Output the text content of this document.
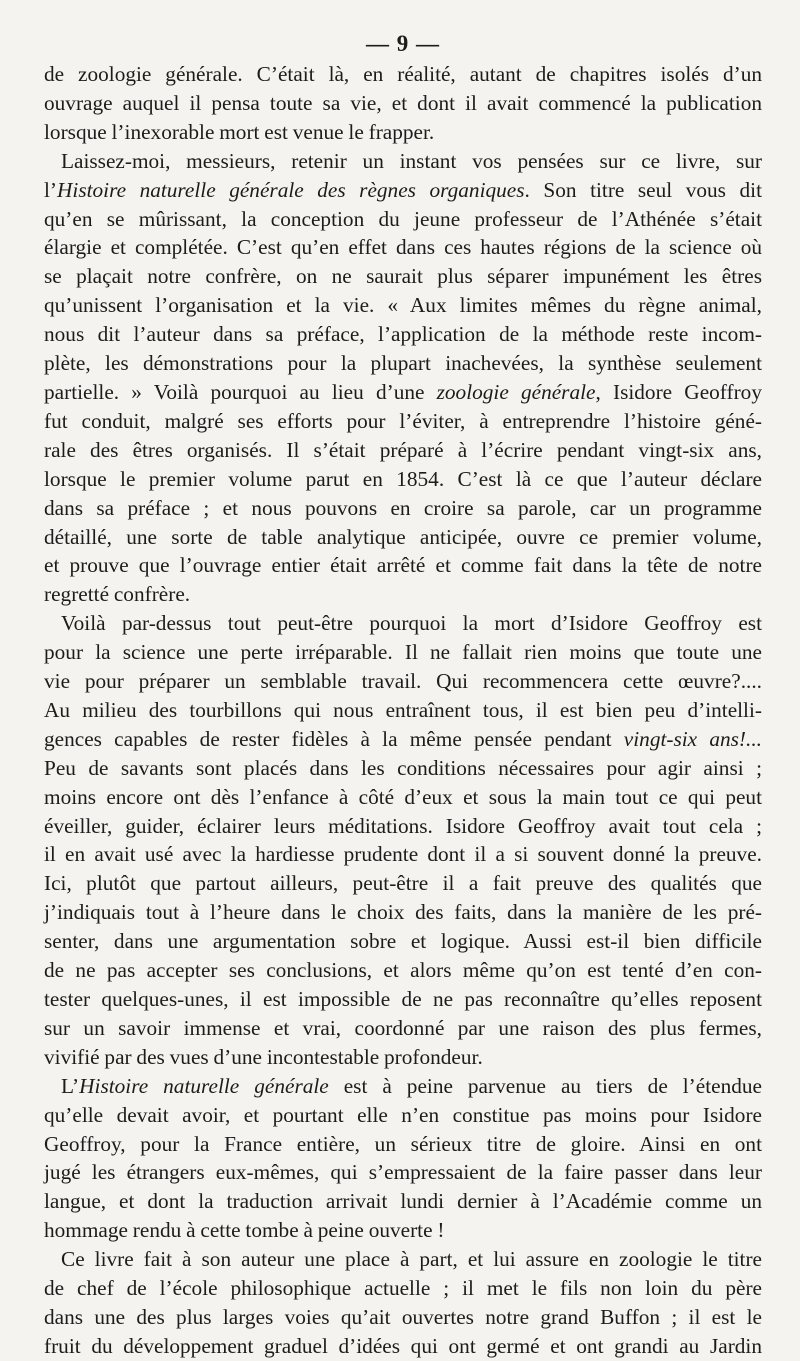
— 9 —
de zoologie générale. C’était là, en réalité, autant de chapitres isolés d’un
ouvrage auquel il pensa toute sa vie, et dont il avait commencé la publication
lorsque l’inexorable mort est venue le frapper.
Laissez-moi, messieurs, retenir un instant vos pensées sur ce livre, sur
l’Histoire naturelle générale des règnes organiques. Son titre seul vous dit
qu’en se mûrissant, la conception du jeune professeur de l’Athénée s’était
élargie et complétée. C’est qu’en effet dans ces hautes régions de la science où
se plaçait notre confrère, on ne saurait plus séparer impunément les êtres
qu’unissent l’organisation et la vie. « Aux limites mêmes du règne animal,
nous dit l’auteur dans sa préface, l’application de la méthode reste incom-
plète, les démonstrations pour la plupart inachevées, la synthèse seulement
partielle. » Voilà pourquoi au lieu d’une zoologie générale, Isidore Geoffroy
fut conduit, malgré ses efforts pour l’éviter, à entreprendre l’histoire géné-
rale des êtres organisés. Il s’était préparé à l’écrire pendant vingt-six ans,
lorsque le premier volume parut en 1854. C’est là ce que l’auteur déclare
dans sa préface ; et nous pouvons en croire sa parole, car un programme
détaillé, une sorte de table analytique anticipée, ouvre ce premier volume,
et prouve que l’ouvrage entier était arrêté et comme fait dans la tête de notre
regretté confrère.
Voilà par-dessus tout peut-être pourquoi la mort d’Isidore Geoffroy est
pour la science une perte irréparable. Il ne fallait rien moins que toute une
vie pour préparer un semblable travail. Qui recommencera cette œuvre?....
Au milieu des tourbillons qui nous entraînent tous, il est bien peu d’intelli-
gences capables de rester fidèles à la même pensée pendant vingt-six ans!...
Peu de savants sont placés dans les conditions nécessaires pour agir ainsi ;
moins encore ont dès l’enfance à côté d’eux et sous la main tout ce qui peut
éveiller, guider, éclairer leurs méditations. Isidore Geoffroy avait tout cela ;
il en avait usé avec la hardiesse prudente dont il a si souvent donné la preuve.
Ici, plutôt que partout ailleurs, peut-être il a fait preuve des qualités que
j’indiquais tout à l’heure dans le choix des faits, dans la manière de les pré-
senter, dans une argumentation sobre et logique. Aussi est-il bien difficile
de ne pas accepter ses conclusions, et alors même qu’on est tenté d’en con-
tester quelques-unes, il est impossible de ne pas reconnaître qu’elles reposent
sur un savoir immense et vrai, coordonné par une raison des plus fermes,
vivifié par des vues d’une incontestable profondeur.
L’Histoire naturelle générale est à peine parvenue au tiers de l’étendue
qu’elle devait avoir, et pourtant elle n’en constitue pas moins pour Isidore
Geoffroy, pour la France entière, un sérieux titre de gloire. Ainsi en ont
jugé les étrangers eux-mêmes, qui s’empressaient de la faire passer dans leur
langue, et dont la traduction arrivait lundi dernier à l’Académie comme un
hommage rendu à cette tombe à peine ouverte !
Ce livre fait à son auteur une place à part, et lui assure en zoologie le titre
de chef de l’école philosophique actuelle ; il met le fils non loin du père
dans une des plus larges voies qu’ait ouvertes notre grand Buffon ; il est le
fruit du développement graduel d’idées qui ont germé et ont grandi au Jardin
